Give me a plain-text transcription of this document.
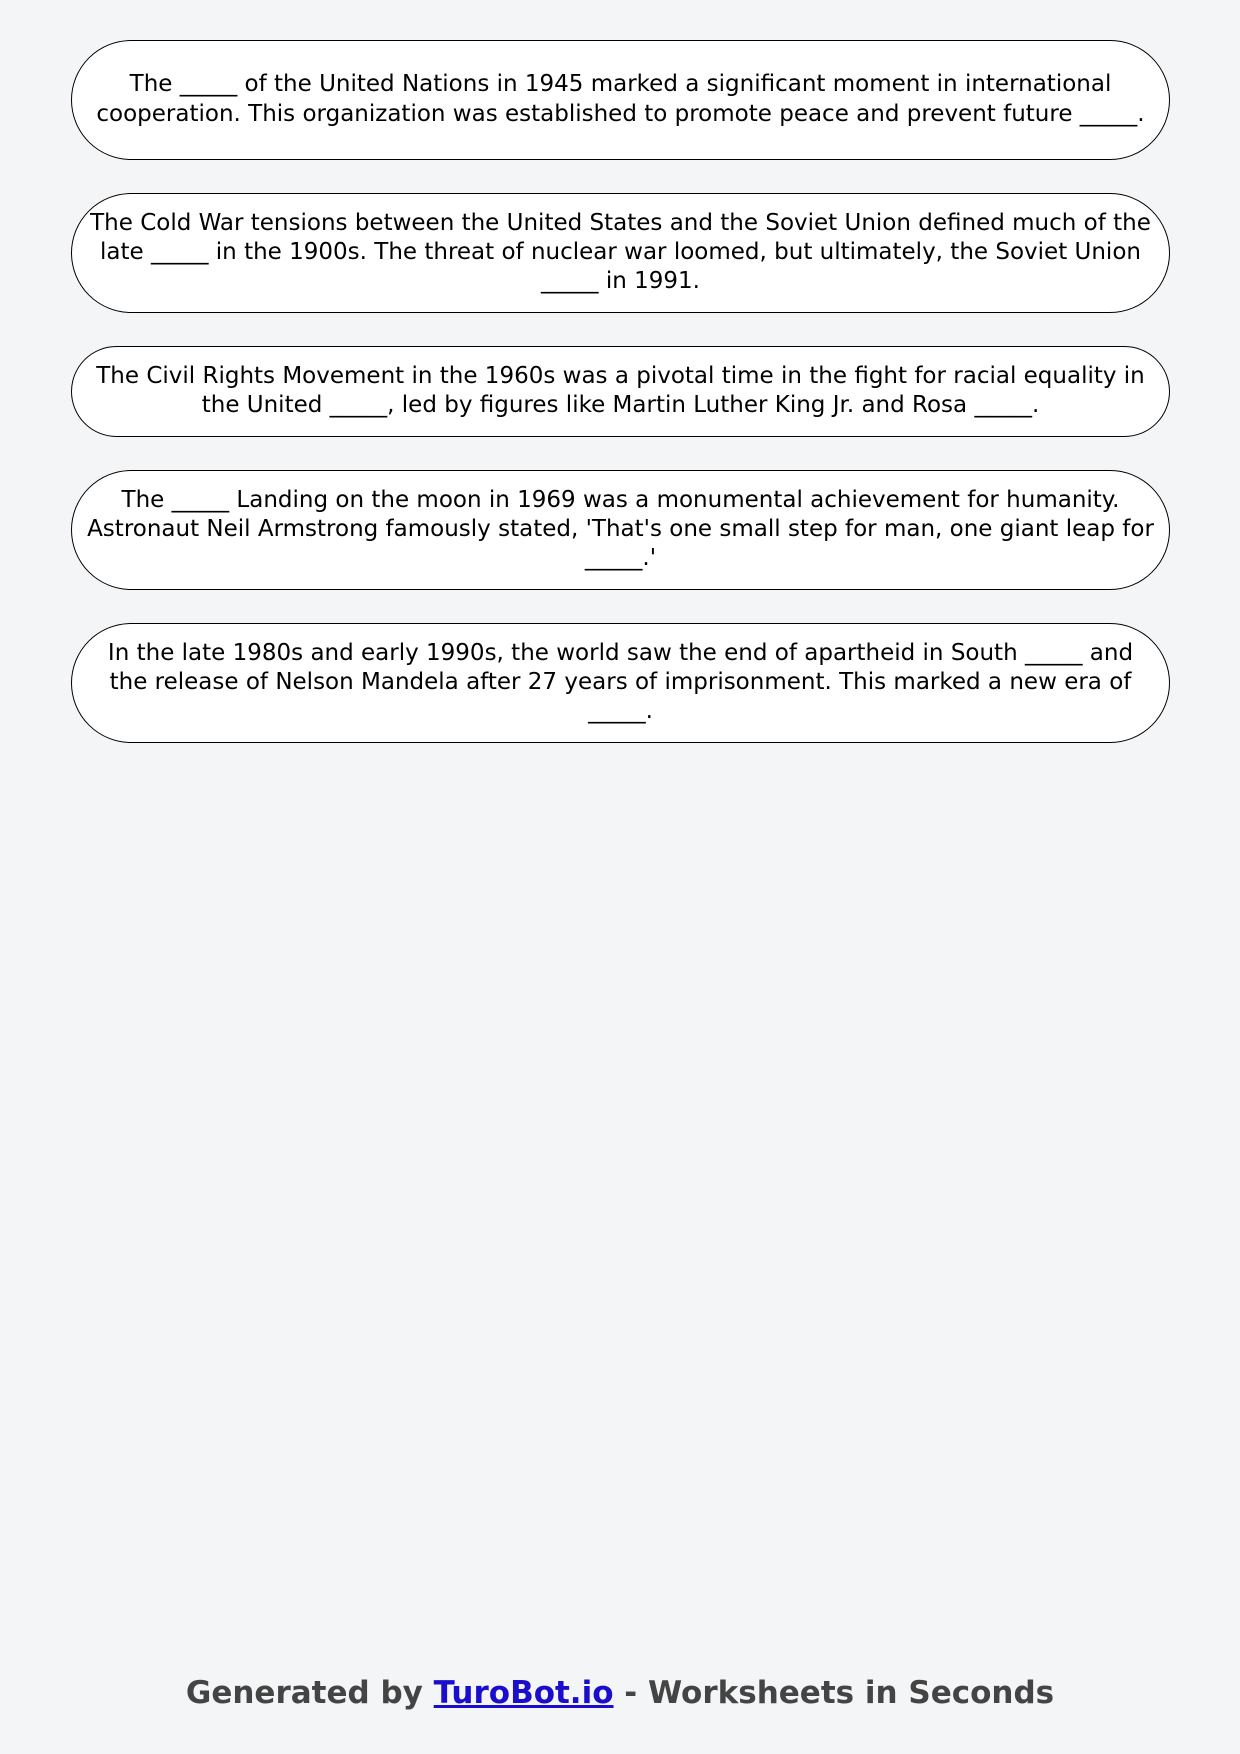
The _____ of the United Nations in 1945 marked a significant moment in international cooperation. This organization was established to promote peace and prevent future _____.
The Cold War tensions between the United States and the Soviet Union defined much of the late _____ in the 1900s. The threat of nuclear war loomed, but ultimately, the Soviet Union _____ in 1991.
The Civil Rights Movement in the 1960s was a pivotal time in the fight for racial equality in the United _____, led by figures like Martin Luther King Jr. and Rosa _____.
The _____ Landing on the moon in 1969 was a monumental achievement for humanity. Astronaut Neil Armstrong famously stated, 'That's one small step for man, one giant leap for _____.'
In the late 1980s and early 1990s, the world saw the end of apartheid in South _____ and the release of Nelson Mandela after 27 years of imprisonment. This marked a new era of _____.
Generated by TuroBot.io - Worksheets in Seconds
